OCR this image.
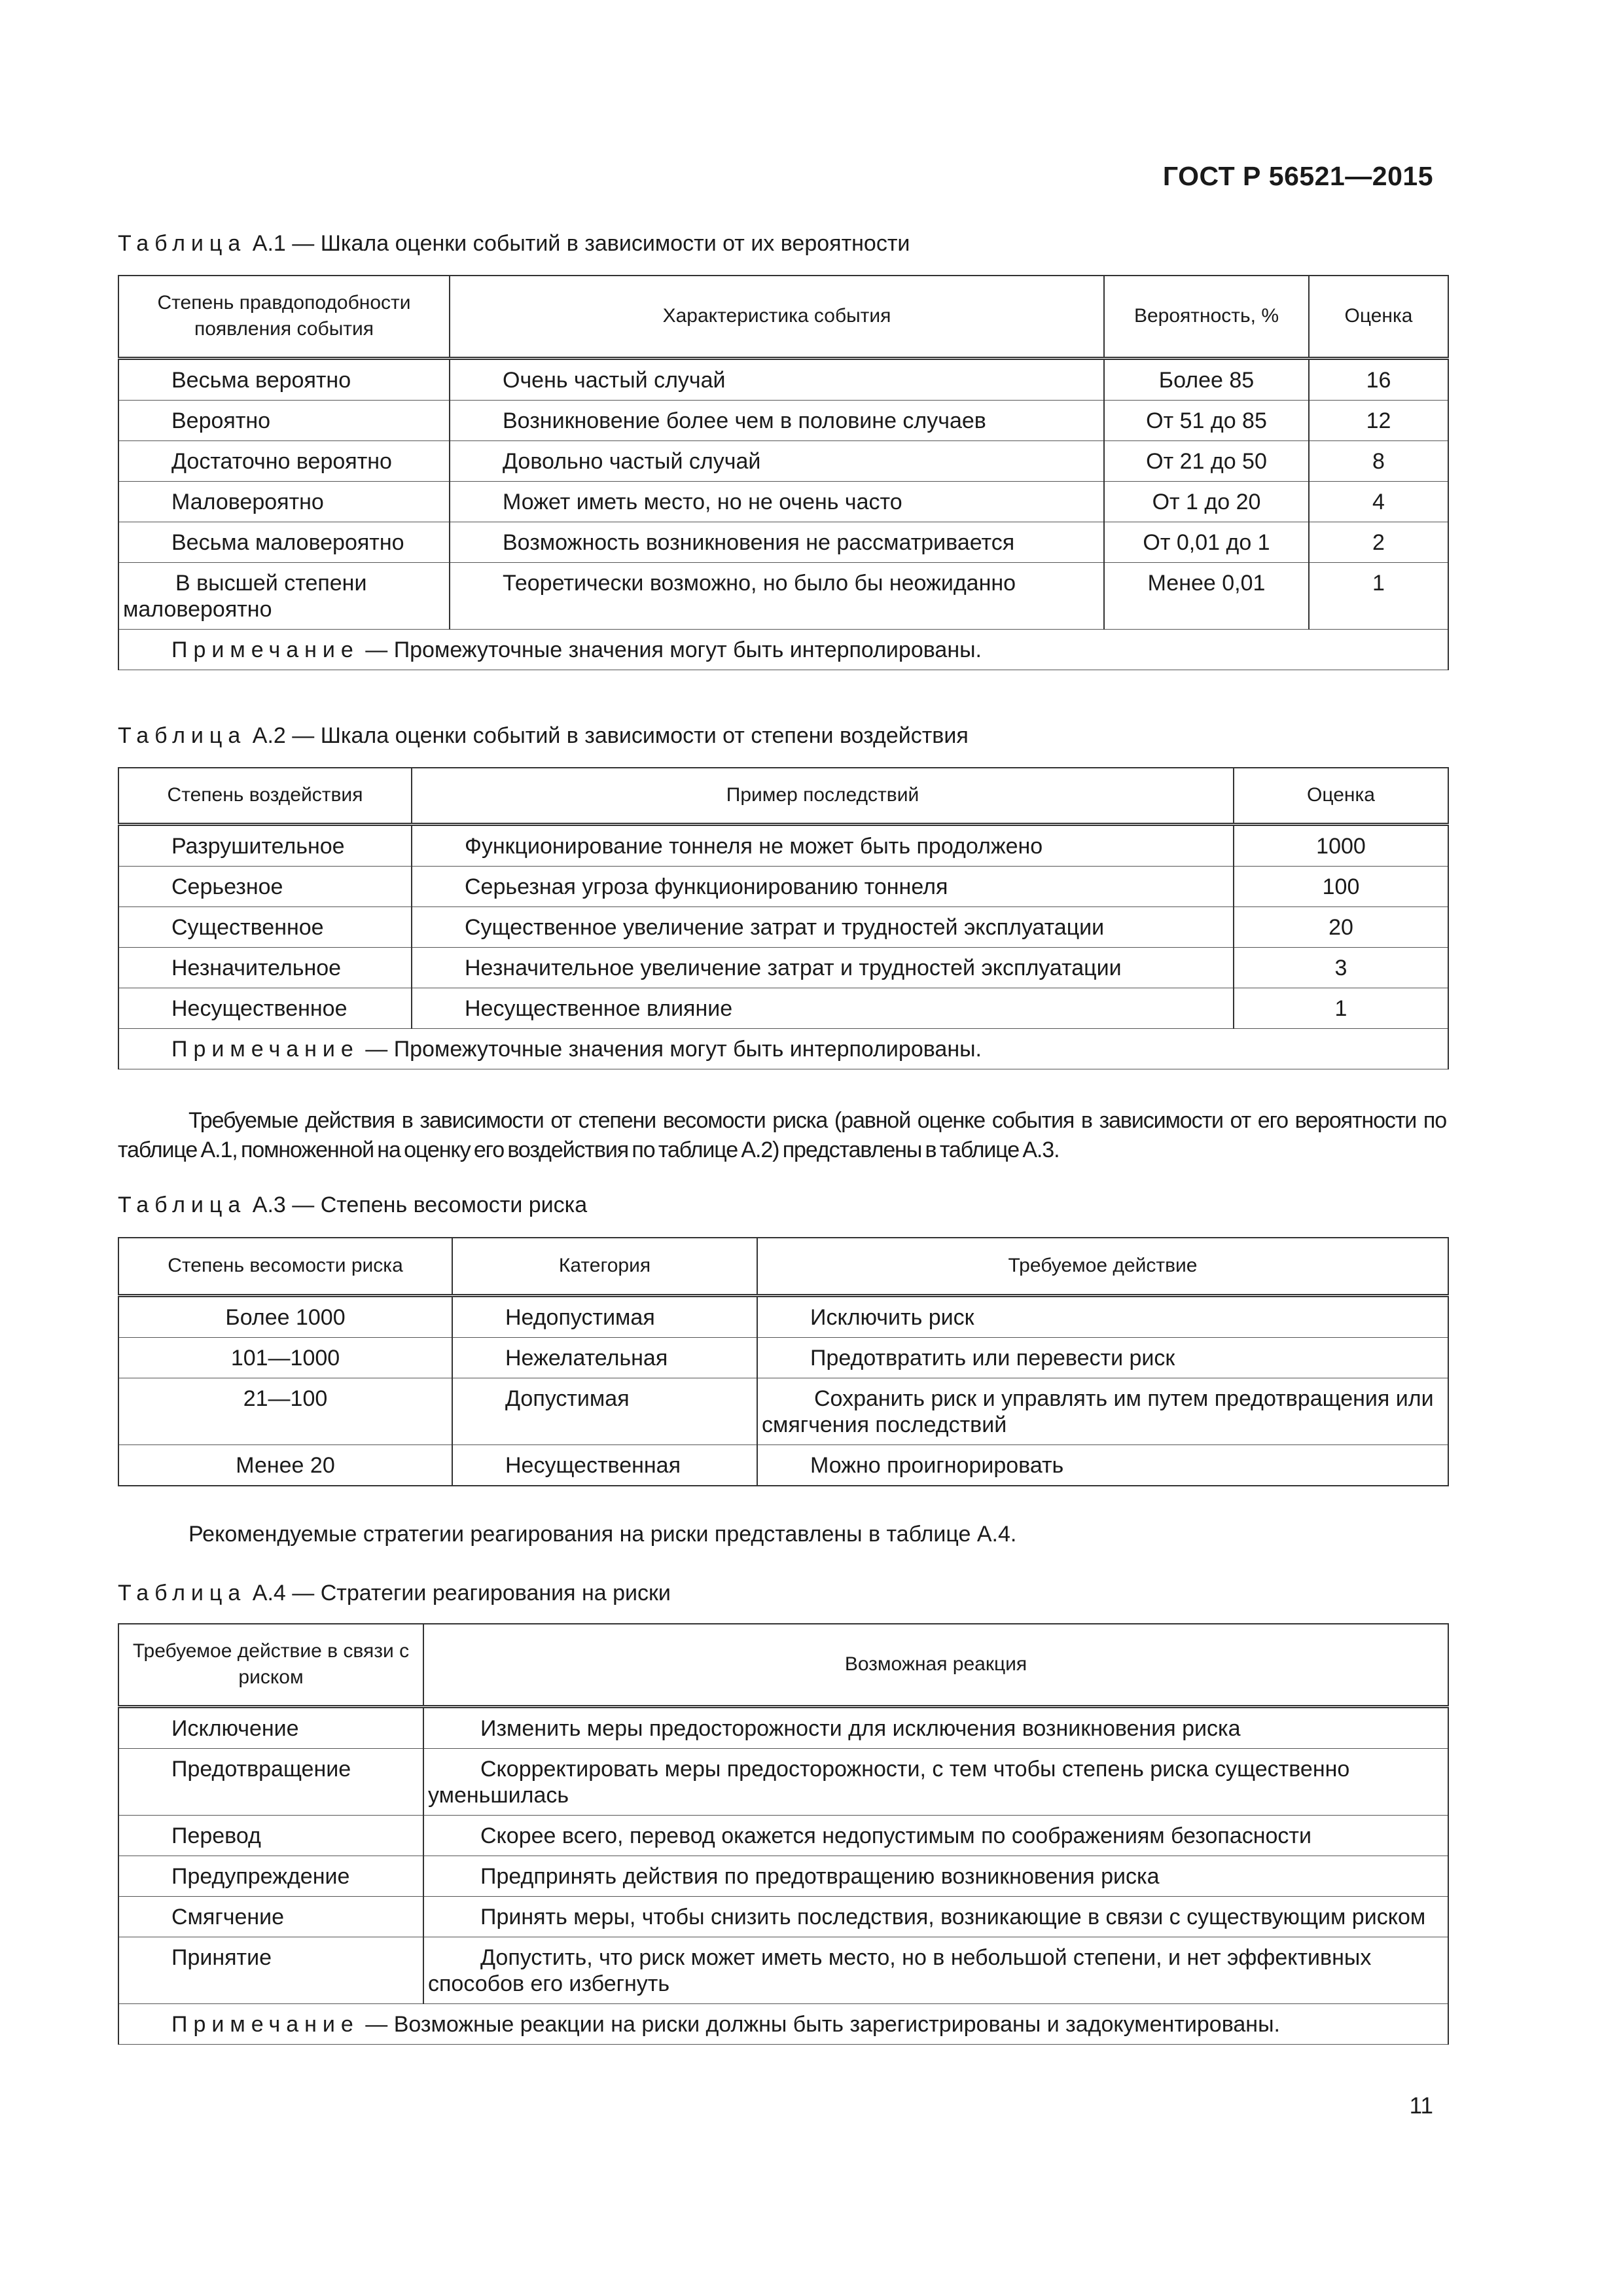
ГОСТ Р 56521—2015
Таблица А.1 — Шкала оценки событий в зависимости от их вероятности
Степень правдоподобности появления события	Характеристика события	Вероятность, %	Оценка
Весьма вероятно	Очень частый случай	Более 85	16
Вероятно	Возникновение более чем в половине случаев	От 51 до 85	12
Достаточно вероятно	Довольно частый случай	От 21 до 50	8
Маловероятно	Может иметь место, но не очень часто	От 1 до 20	4
Весьма маловероятно	Возможность возникновения не рассматривается	От 0,01 до 1	2
В высшей степени маловероятно	Теоретически возможно, но было бы неожиданно	Менее 0,01	1
Примечание — Промежуточные значения могут быть интерполированы.			
Таблица А.2 — Шкала оценки событий в зависимости от степени воздействия
Степень воздействия	Пример последствий	Оценка
Разрушительное	Функционирование тоннеля не может быть продолжено	1000
Серьезное	Серьезная угроза функционированию тоннеля	100
Существенное	Существенное увеличение затрат и трудностей эксплуатации	20
Незначительное	Незначительное увеличение затрат и трудностей эксплуатации	3
Несущественное	Несущественное влияние	1
Примечание — Промежуточные значения могут быть интерполированы.		

Требуемые действия в зависимости от степени весомости риска (равной оценке события в зависимости от его вероятности по таблице А.1, помноженной на оценку его воздействия по таблице А.2) представлены в таблице А.3.

Таблица А.3 — Степень весомости риска
Степень весомости риска	Категория	Требуемое действие
Более 1000	Недопустимая	Исключить риск
101—1000	Нежелательная	Предотвратить или перевести риск
21—100	Допустимая	Сохранить риск и управлять им путем предотвращения или смягчения последствий
Менее 20	Несущественная	Можно проигнорировать

Рекомендуемые стратегии реагирования на риски представлены в таблице А.4.

Таблица А.4 — Стратегии реагирования на риски
Требуемое действие в связи с риском	Возможная реакция
Исключение	Изменить меры предосторожности для исключения возникновения риска
Предотвращение	Скорректировать меры предосторожности, с тем чтобы степень риска существенно уменьшилась
Перевод	Скорее всего, перевод окажется недопустимым по соображениям безопасности
Предупреждение	Предпринять действия по предотвращению возникновения риска
Смягчение	Принять меры, чтобы снизить последствия, возникающие в связи с существующим риском
Принятие	Допустить, что риск может иметь место, но в небольшой степени, и нет эффективных способов его избегнуть
Примечание — Возможные реакции на риски должны быть зарегистрированы и задокументированы.	
11
